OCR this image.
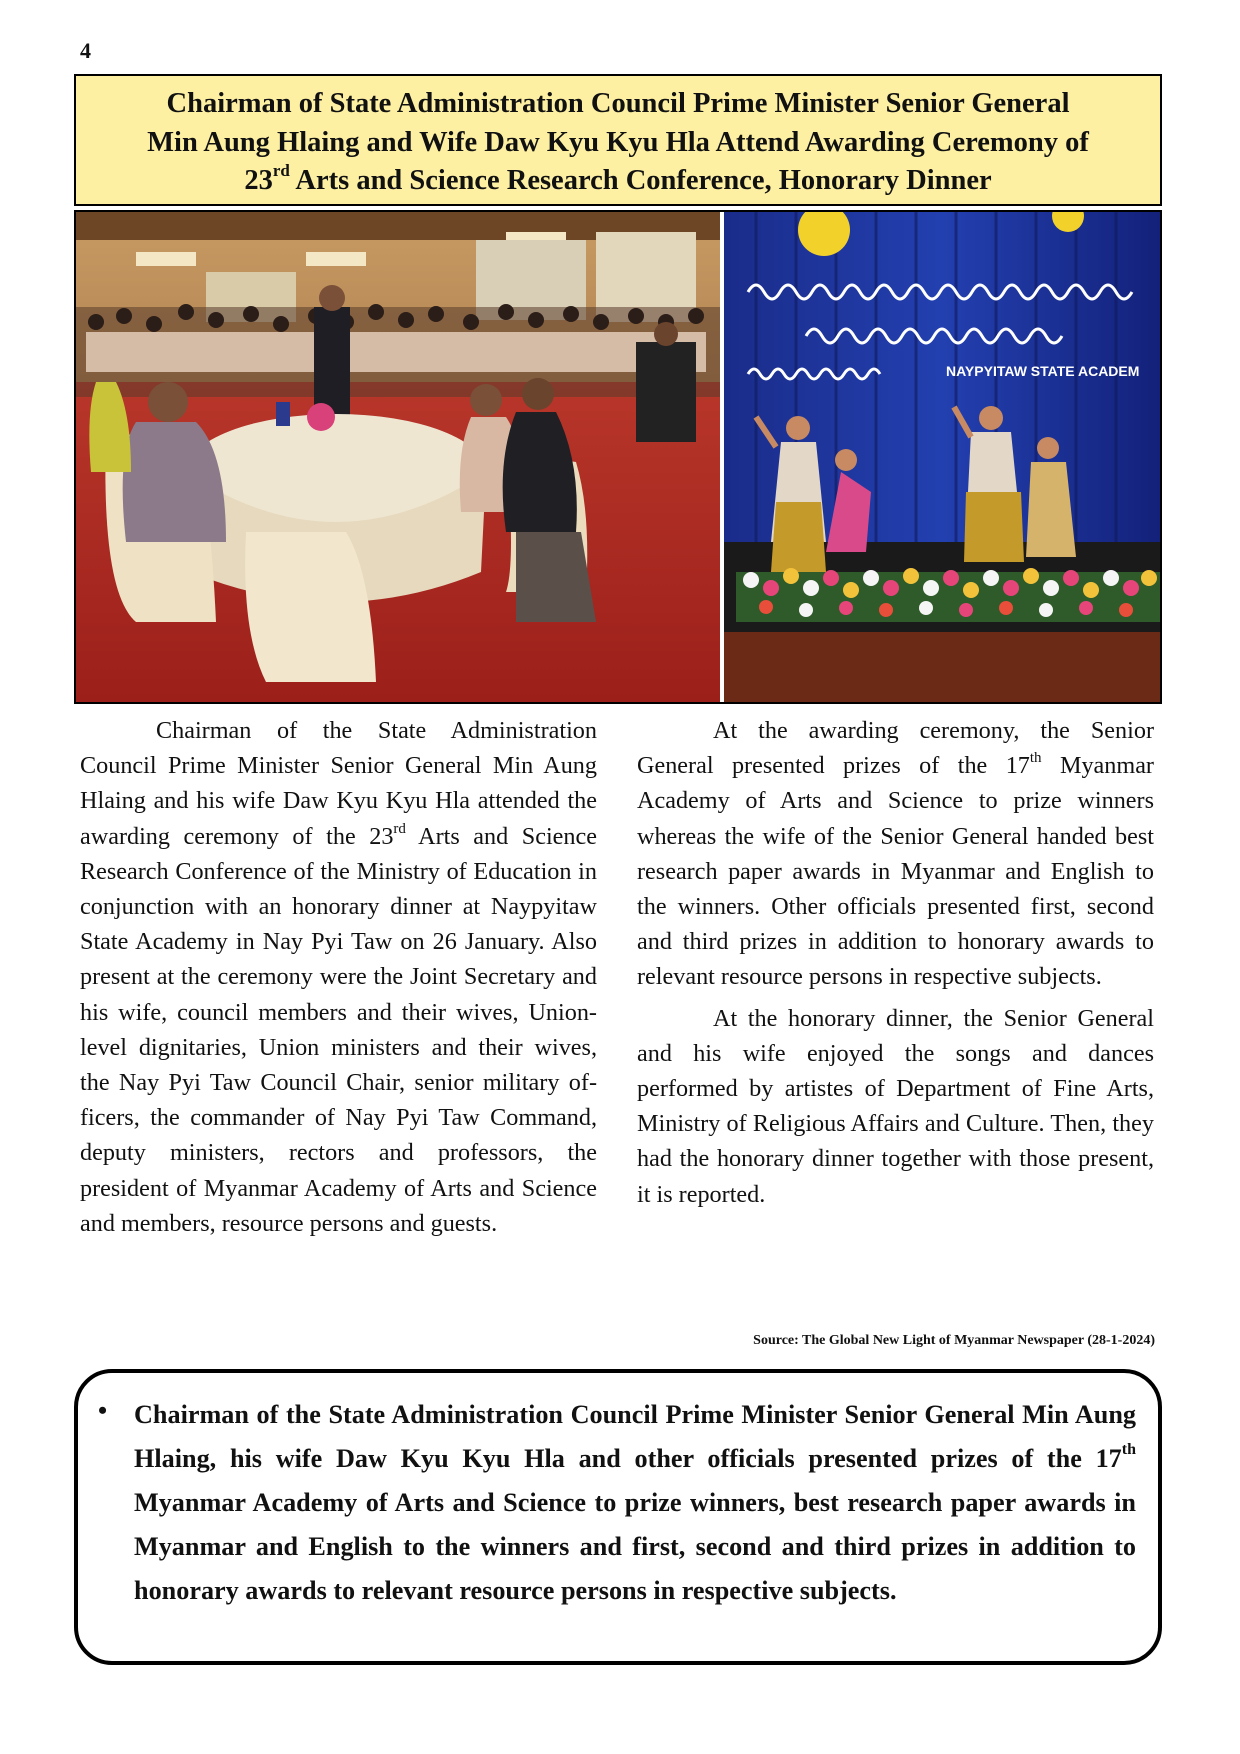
4
Chairman of State Administration Council Prime Minister Senior General
Min Aung Hlaing and Wife Daw Kyu Kyu Hla Attend Awarding Ceremony of
23rd Arts and Science Research Conference, Honorary Dinner
NAYPYITAW STATE ACADEM

Chairman of the State Administration Council Prime Minister Senior General Min Aung Hlaing and his wife Daw Kyu Kyu Hla attended the awarding ceremony of the 23rd Arts and Science Research Conference of the Ministry of Education in conjunction with an honorary dinner at Naypyitaw State Academy in Nay Pyi Taw on 26 January. Also present at the ceremony were the Joint Secretary and his wife, council members and their wives, Union-level dignitaries, Union ministers and their wives, the Nay Pyi Taw Council Chair, senior military officers, the commander of Nay Pyi Taw Command, deputy ministers, rectors and professors, the president of Myanmar Academy of Arts and Science and members, resource persons and guests.

At the awarding ceremony, the Senior General presented prizes of the 17th Myanmar Academy of Arts and Science to prize winners whereas the wife of the Senior General handed best research paper awards in Myanmar and English to the winners. Other officials presented first, second and third prizes in addition to honorary awards to relevant resource persons in respective subjects.

At the honorary dinner, the Senior General and his wife enjoyed the songs and dances performed by artistes of Department of Fine Arts, Ministry of Religious Affairs and Culture. Then, they had the honorary dinner together with those present, it is reported.

Source: The Global New Light of Myanmar Newspaper (28-1-2024)
• Chairman of the State Administration Council Prime Minister Senior General Min Aung Hlaing, his wife Daw Kyu Kyu Hla and other officials presented prizes of the 17th Myanmar Academy of Arts and Science to prize winners, best research paper awards in Myanmar and English to the winners and first, second and third prizes in addition to honorary awards to relevant resource persons in respective subjects.
